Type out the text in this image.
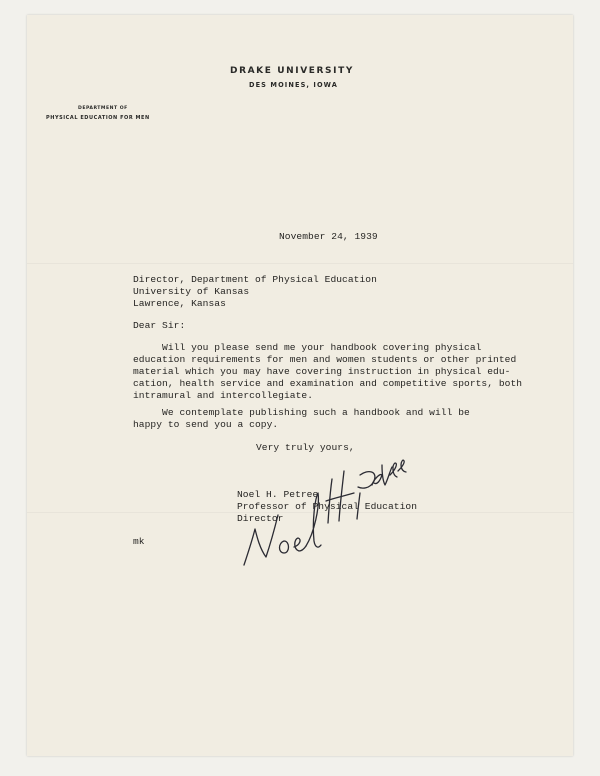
DRAKE UNIVERSITY
DES MOINES, IOWA
DEPARTMENT OF
PHYSICAL EDUCATION FOR MEN
November 24, 1939
Director, Department of Physical Education
University of Kansas
Lawrence, Kansas
Dear Sir:
Will you please send me your handbook covering physical
education requirements for men and women students or other printed
material which you may have covering instruction in physical edu-
cation, health service and examination and competitive sports, both
intramural and intercollegiate.
We contemplate publishing such a handbook and will be
happy to send you a copy.
Very truly yours,
Noel H. Petree
Professor of Physical Education
Director
mk
